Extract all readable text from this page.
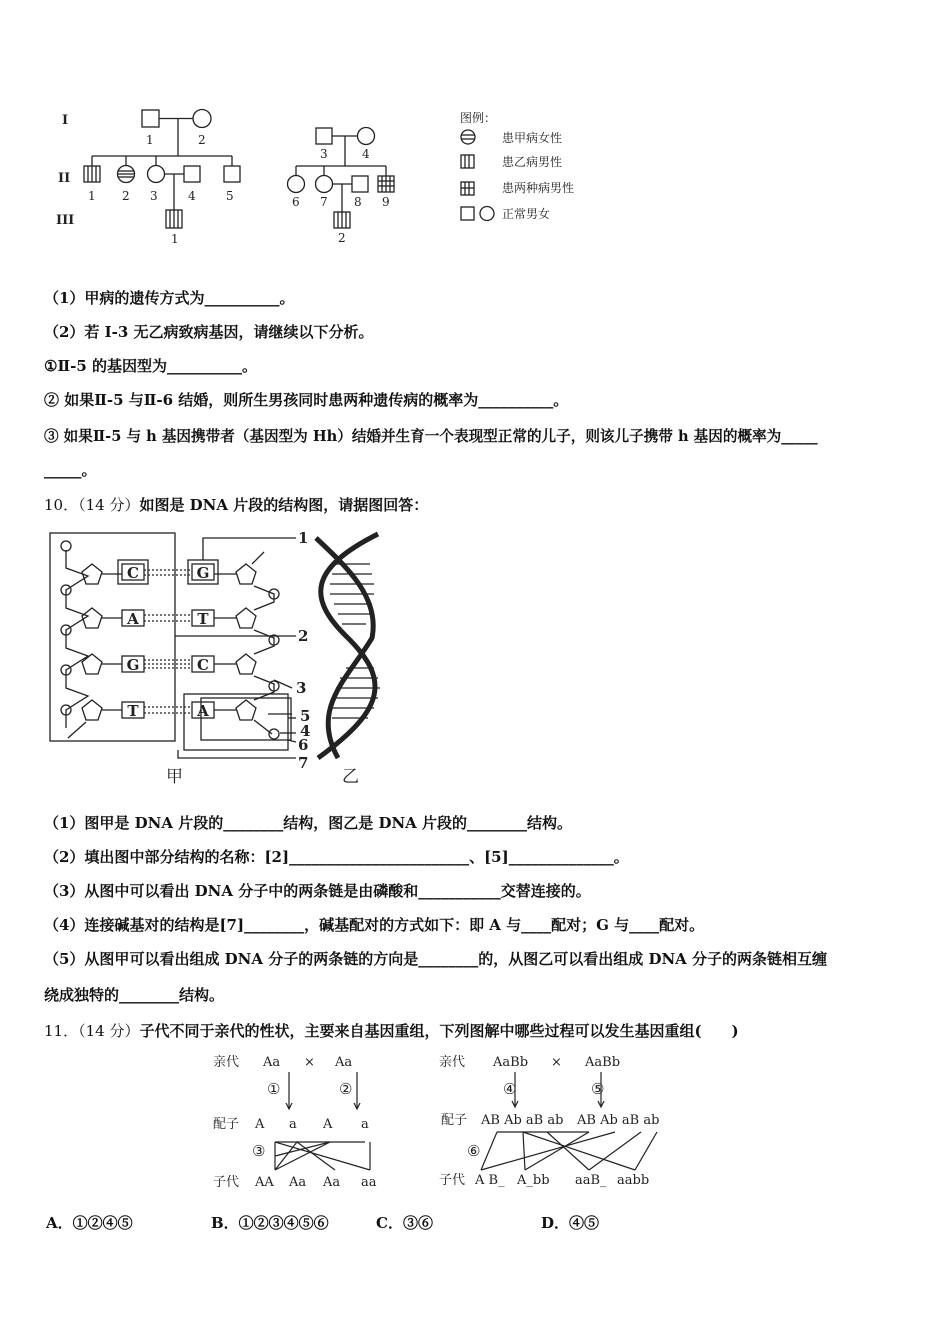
I
II
III
1	2
1 2 3	4	5
1
3	4
6 7 8 9
2
图例：
患甲病女性
患乙病男性
患两种病男性
正常男女
（1）甲病的遗传方式为__________。
（2）若 I-3 无乙病致病基因，请继续以下分析。
①Ⅱ-5 的基因型为__________。
② 如果Ⅱ-5 与Ⅱ-6 结婚，则所生男孩同时患两种遗传病的概率为__________。
③ 如果Ⅱ-5 与 h 基因携带者（基因型为 Hh）结婚并生育一个表现型正常的儿子，则该儿子携带 h 基因的概率为_____
_____。
10．（14 分）如图是 DNA 片段的结构图，请据图回答：
C
A
G
T
G
T
C
A
1
2
3
4
5
6
7
甲	乙
（1）图甲是 DNA 片段的________结构，图乙是 DNA 片段的________结构。
（2）填出图中部分结构的名称：[2]________________________、[5]______________。
（3）从图中可以看出 DNA 分子中的两条链是由磷酸和___________交替连接的。
（4）连接碱基对的结构是[7]________，碱基配对的方式如下：即 A 与____配对；G 与____配对。
（5）从图甲可以看出组成 DNA 分子的两条链的方向是________的，从图乙可以看出组成 DNA 分子的两条链相互缠
绕成独特的________结构。
11．（14 分）子代不同于亲代的性状，主要来自基因重组，下列图解中哪些过程可以发生基因重组(　　)
亲代 Aa × Aa
①	②
配子 A a A a
③
子代 AA Aa Aa aa
亲代 AaBb × AaBb
④	⑤
配子 AB Ab aB ab AB Ab aB ab
⑥
子代 A B_ A_bb aaB_ aabb
A．①②④⑤	B．①②③④⑤⑥	C．③⑥	D．④⑤
